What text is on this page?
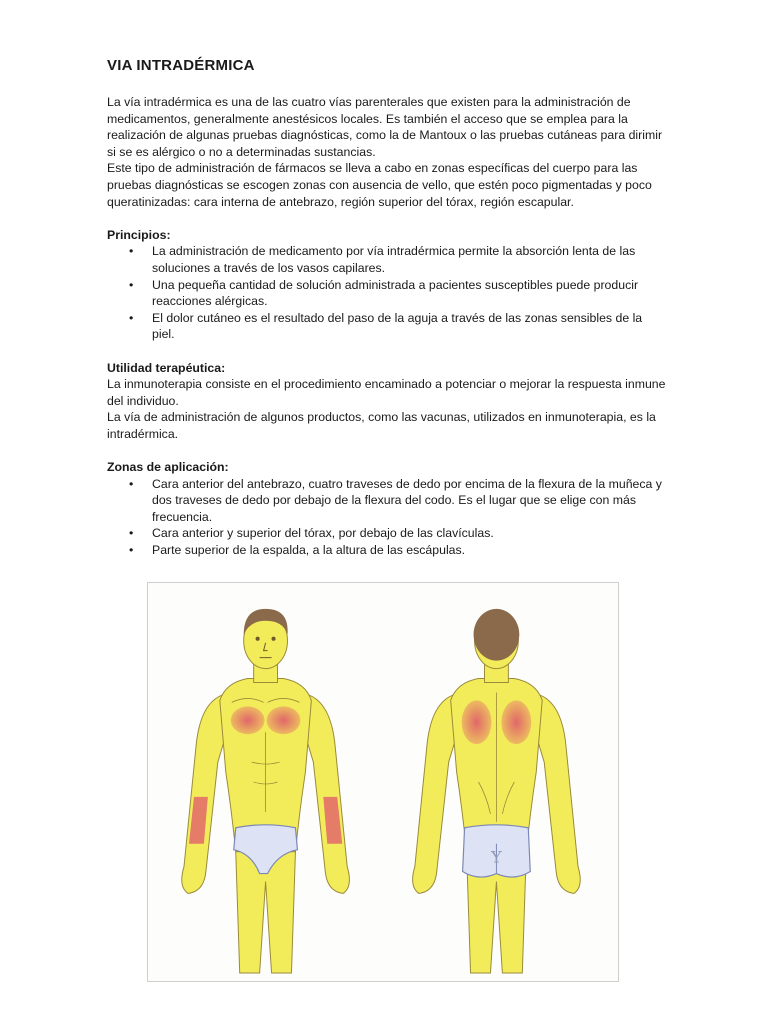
VIA INTRADÉRMICA

La vía intradérmica es una de las cuatro vías parenterales que existen para la administración de medicamentos, generalmente anestésicos locales. Es también el acceso que se emplea para la realización de algunas pruebas diagnósticas, como la de Mantoux o las pruebas cutáneas para dirimir si se es alérgico o no a determinadas sustancias.

Este tipo de administración de fármacos se lleva a cabo en zonas específicas del cuerpo para las pruebas diagnósticas se escogen zonas con ausencia de vello, que estén poco pigmentadas y poco queratinizadas: cara interna de antebrazo, región superior del tórax, región escapular.

Principios:

• La administración de medicamento por vía intradérmica permite la absorción lenta de las soluciones a través de los vasos capilares.
• Una pequeña cantidad de solución administrada a pacientes susceptibles puede producir reacciones alérgicas.
• El dolor cutáneo es el resultado del paso de la aguja a través de las zonas sensibles de la piel.

Utilidad terapéutica:

La inmunoterapia consiste en el procedimiento encaminado a potenciar o mejorar la respuesta inmune del individuo.

La vía de administración de algunos productos, como las vacunas, utilizados en inmunoterapia, es la intradérmica.

Zonas de aplicación:

• Cara anterior del antebrazo, cuatro traveses de dedo por encima de la flexura de la muñeca y dos traveses de dedo por debajo de la flexura del codo. Es el lugar que se elige con más frecuencia.
• Cara anterior y superior del tórax, por debajo de las clavículas.
• Parte superior de la espalda, a la altura de las escápulas.
Y
